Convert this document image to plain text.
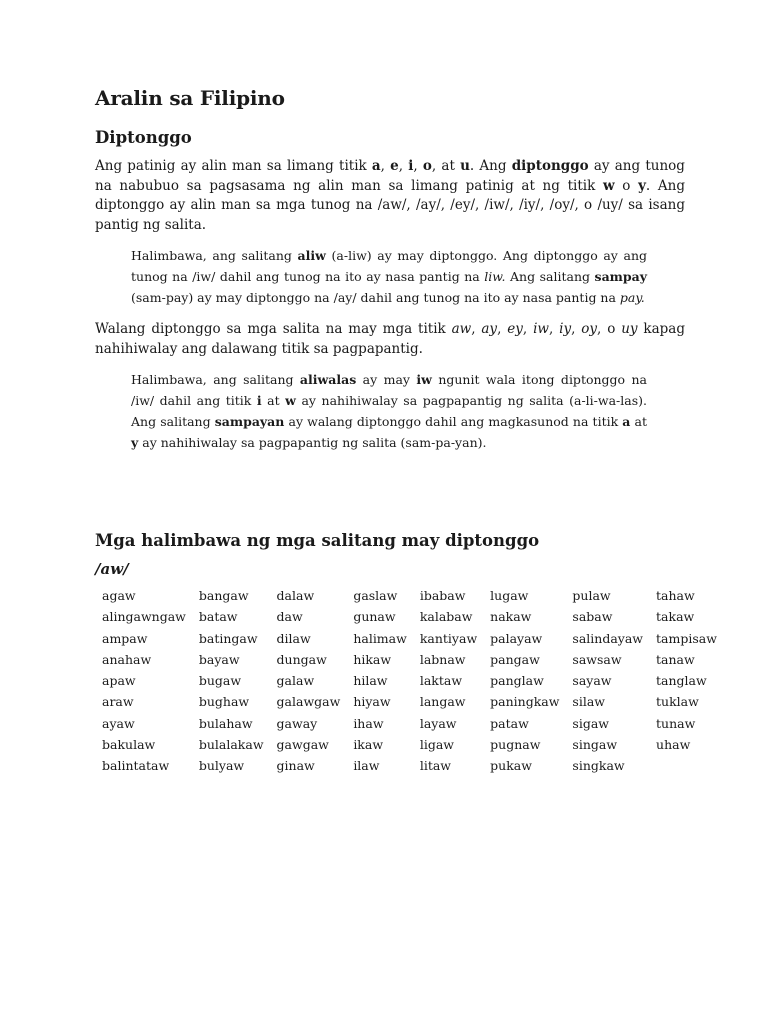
Aralin sa Filipino
Diptonggo

Ang patinig ay alin man sa limang titik a, e, i, o, at u. Ang diptonggo ay ang tunog na nabubuo sa pagsasama ng alin man sa limang patinig at ng titik w o y. Ang diptonggo ay alin man sa mga tunog na /aw/, /ay/, /ey/, /iw/, /iy/, /oy/, o /uy/ sa isang pantig ng salita.

Halimbawa, ang salitang aliw (a-liw) ay may diptonggo. Ang diptonggo ay ang tunog na /iw/ dahil ang tunog na ito ay nasa pantig na liw. Ang salitang sampay (sam-pay) ay may diptonggo na /ay/ dahil ang tunog na ito ay nasa pantig na pay.

Walang diptonggo sa mga salita na may mga titik aw, ay, ey, iw, iy, oy, o uy kapag nahihiwalay ang dalawang titik sa pagpapantig.

Halimbawa, ang salitang aliwalas ay may iw ngunit wala itong diptonggo na /iw/ dahil ang titik i at w ay nahihiwalay sa pagpapantig ng salita (a-li-wa-las). Ang salitang sampayan ay walang diptonggo dahil ang magkasunod na titik a at y ay nahihiwalay sa pagpapantig ng salita (sam-pa-yan).
Mga halimbawa ng mga salitang may diptonggo
/aw/
agaw	bangaw	dalaw	gaslaw	ibabaw	lugaw	pulaw	tahaw
alingawngaw	bataw	daw	gunaw	kalabaw	nakaw	sabaw	takaw
ampaw	batingaw	dilaw	halimaw	kantiyaw	palayaw	salindayaw	tampisaw
anahaw	bayaw	dungaw	hikaw	labnaw	pangaw	sawsaw	tanaw
apaw	bugaw	galaw	hilaw	laktaw	panglaw	sayaw	tanglaw
araw	bughaw	galawgaw	hiyaw	langaw	paningkaw	silaw	tuklaw
ayaw	bulahaw	gaway	ihaw	layaw	pataw	sigaw	tunaw
bakulaw	bulalakaw	gawgaw	ikaw	ligaw	pugnaw	singaw	uhaw
balintataw	bulyaw	ginaw	ilaw	litaw	pukaw	singkaw	
